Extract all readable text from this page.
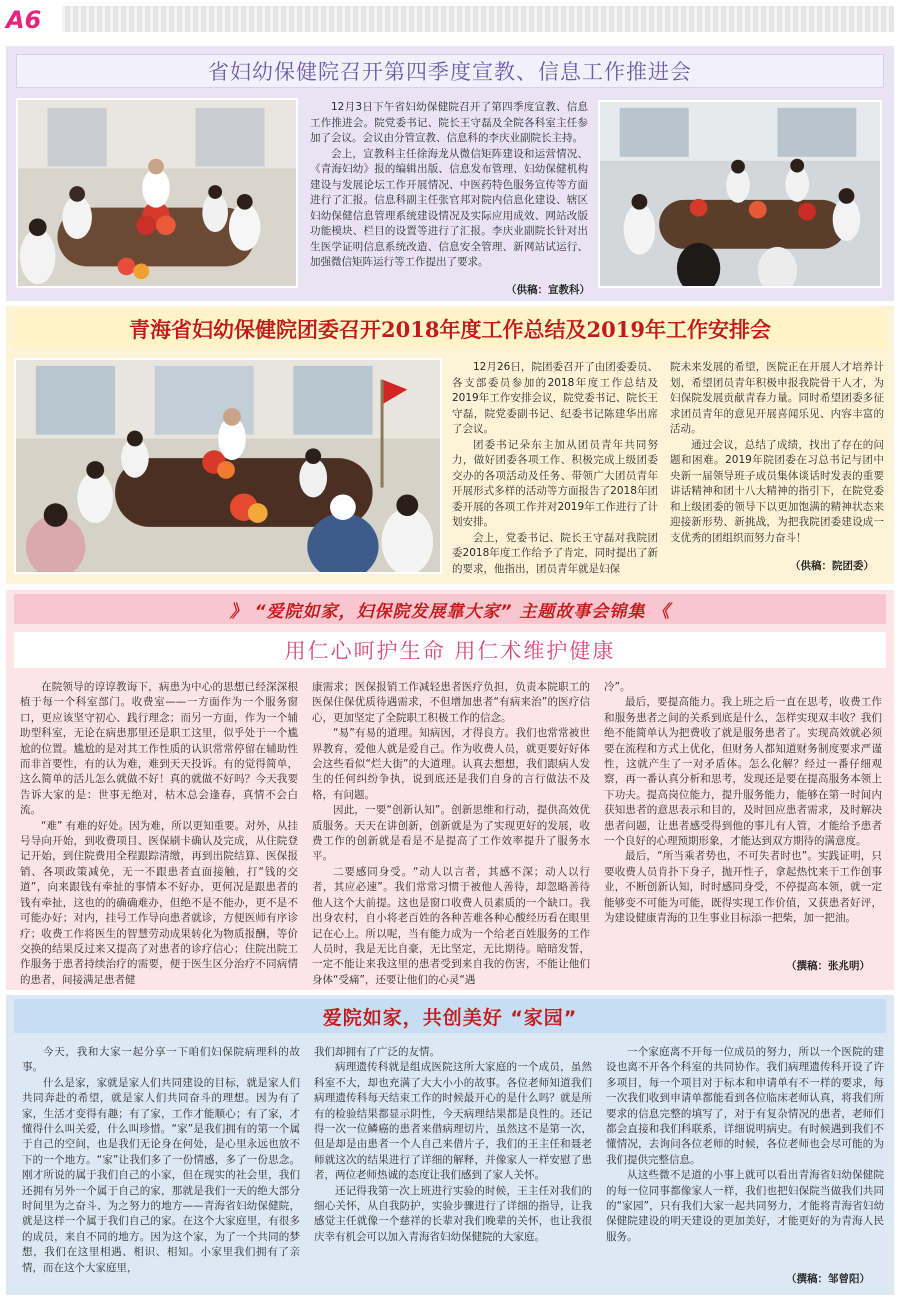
A6
省妇幼保健院召开第四季度宣教、信息工作推进会

12月3日下午省妇幼保健院召开了第四季度宣教、信息工作推进会。院党委书记、院长王守磊及全院各科室主任参加了会议。会议由分管宣教、信息科的李庆业副院长主持。

会上，宣教科主任徐海龙从微信矩阵建设和运营情况、《青海妇幼》报的编辑出版、信息发布管理、妇幼保健机构建设与发展论坛工作开展情况、中医药特色服务宣传等方面进行了汇报。信息科副主任张官邦对院内信息化建设、辖区妇幼保健信息管理系统建设情况及实际应用成效、网站改版功能模块、栏目的设置等进行了汇报。李庆业副院长针对出生医学证明信息系统改造、信息安全管理、新网站试运行、加强微信矩阵运行等工作提出了要求。

（供稿：宣教科）
青海省妇幼保健院团委召开2018年度工作总结及2019年工作安排会

12月26日，院团委召开了由团委委员、各支部委员参加的2018年度工作总结及2019年工作安排会议，院党委书记、院长王守磊，院党委副书记、纪委书记陈建华出席了会议。

团委书记朵东主加从团员青年共同努力，做好团委各项工作、积极完成上级团委交办的各项活动及任务、带领广大团员青年开展形式多样的活动等方面报告了2018年团委开展的各项工作并对2019年工作进行了计划安排。

会上，党委书记、院长王守磊对我院团委2018年度工作给予了肯定，同时提出了新的要求，他指出，团员青年就是妇保

院未来发展的希望，医院正在开展人才培养计划，希望团员青年积极申报我院骨干人才，为妇保院发展贡献青春力量。同时希望团委多征求团员青年的意见开展喜闻乐见、内容丰富的活动。

通过会议，总结了成绩，找出了存在的问题和困难。2019年院团委在习总书记与团中央新一届领导班子成员集体谈话时发表的重要讲话精神和团十八大精神的指引下，在院党委和上级团委的领导下以更加饱满的精神状态来迎接新形势、新挑战，为把我院团委建设成一支优秀的团组织而努力奋斗！

（供稿：院团委）
》 “爱院如家，妇保院发展靠大家” 主题故事会锦集 《
用仁心呵护生命 用仁术维护健康

在院领导的谆谆教诲下，病患为中心的思想已经深深根植于每一个科室部门。收费室——一方面作为一个服务窗口，更应该坚守初心、践行理念；而另一方面，作为一个辅助型科室，无论在病患那里还是职工这里，似乎处于一个尴尬的位置。尴尬的是对其工作性质的认识常常停留在辅助性而非首要性，有的认为难，难到天天投诉。有的觉得简单，这么简单的活儿怎么就做不好！真的就做不好吗？今天我要告诉大家的是：世事无绝对，枯木总会逢春，真情不会白流。

“难” 有难的好处。因为难，所以更知重要。对外，从挂号导向开始，到收费项目、医保刷卡确认及完成，从住院登记开始，到住院费用全程跟踪清缴，再到出院结算、医保报销、各项政策减免，无一不跟患者直面接触，打“钱的交道”，向来跟钱有牵扯的事情本不好办，更何况是跟患者的钱有牵扯，这也的的确确难办，但绝不是不能办，更不是不可能办好；对内，挂号工作导向患者就诊，方便医师有序诊疗；收费工作将医生的智慧劳动成果转化为物质报酬，等价交换的结果反过来又提高了对患者的诊疗信心；住院出院工作服务于患者持续治疗的需要，便于医生区分治疗不同病情的患者，间接满足患者健

康需求；医保报销工作减轻患者医疗负担，负责本院职工的医保住保优质待遇需求，不但增加患者“有病来治”的医疗信心，更加坚定了全院职工积极工作的信念。

“易”有易的道理。知病因，才得良方。我们也常常被世界教育，爱他人就是爱自己。作为收费人员，就更要好好体会这些看似“烂大街”的大道理。认真去想想，我们跟病人发生的任何纠纷争执，说到底还是我们自身的言行做法不及格，有问题。

因此，一要“创新认知”。创新思维和行动，提供高效优质服务。天天在讲创新，创新就是为了实现更好的发展，收费工作的创新就是看是不是提高了工作效率提升了服务水平。

二要感同身受。“动人以言者，其感不深；动人以行者，其应必速”。我们常常习惯于被他人善待，却忽略善待他人这个大前提。这也是窗口收费人员素质的一个缺口。我出身农村，自小将老百姓的各种苦难各种心酸经历看在眼里记在心上。所以呢，当有能力成为一个给老百姓服务的工作人员时，我是无比自豪，无比坚定，无比期待。暗暗发誓，一定不能让来我这里的患者受到来自我的伤害，不能让他们身体“受痛”，还要让他们的心灵“遇

冷”。

最后，要提高能力。我上班之后一直在思考，收费工作和服务患者之间的关系到底是什么，怎样实现双丰收？我们绝不能简单认为把费收了就是服务患者了。实现高效就必须要在流程和方式上优化，但财务人都知道财务制度要求严谨性，这就产生了一对矛盾体。怎么化解？经过一番仔细观察，再一番认真分析和思考，发现还是要在提高服务本领上下功夫。提高岗位能力，提升服务能力，能够在第一时间内获知患者的意思表示和目的，及时回应患者需求，及时解决患者问题，让患者感受得到他的事儿有人管，才能给予患者一个良好的心理预期形象，才能达到双方期待的满意度。

最后，“所当乘者势也，不可失者时也”。实践证明，只要收费人员肯扑下身子，抛开性子，拿起热忱来干工作创事业，不断创新认知，时时感同身受，不停提高本领，就一定能够变不可能为可能，既得实现工作价值，又获患者好评，为建设健康青海的卫生事业目标添一把柴，加一把油。

（撰稿：张兆明）
爱院如家，共创美好 “家园”

今天，我和大家一起分享一下咱们妇保院病理科的故事。

什么是家，家就是家人们共同建设的目标，就是家人们共同奔赴的希望，就是家人们共同奋斗的理想。因为有了家，生活才变得有趣；有了家，工作才能顺心；有了家，才懂得什么叫关爱，什么叫珍惜。“家”是我们拥有的第一个属于自己的空间，也是我们无论身在何处，是心里永远也放不下的一个地方。“家”让我们多了一份情感，多了一份思念。刚才所说的属于我们自己的小家，但在现实的社会里，我们还拥有另外一个属于自己的家，那就是我们一天的绝大部分时间里为之奋斗、为之努力的地方——青海省妇幼保健院，就是这样一个属于我们自己的家。在这个大家庭里，有很多的成员，来自不同的地方。因为这个家，为了一个共同的梦想，我们在这里相遇、相识、相知。小家里我们拥有了亲情，而在这个大家庭里，

我们却拥有了广泛的友情。

病理遗传科就是组成医院这所大家庭的一个成员，虽然科室不大，却也充满了大大小小的故事。各位老师知道我们病理遗传科每天结束工作的时候最开心的是什么吗？就是所有的检验结果都显示阴性，今天病理结果都是良性的。还记得一次一位鳞癌的患者来借病理切片，虽然这不是第一次，但是却是由患者一个人自己来借片子，我们的王主任和聂老师就这次的结果进行了详细的解释，并像家人一样安慰了患者，两位老师热诚的态度让我们感到了家人关怀。

还记得我第一次上班进行实验的时候，王主任对我们的细心关怀，从自我防护，实验步骤进行了详细的指导，让我感觉主任就像一个慈祥的长辈对我们晚辈的关怀，也让我很庆幸有机会可以加入青海省妇幼保健院的大家庭。

一个家庭离不开每一位成员的努力，所以一个医院的建设也离不开各个科室的共同协作。我们病理遗传科开设了许多项目，每一个项目对于标本和申请单有不一样的要求，每一次我们收到申请单都能看到各位临床老师认真，将我们所要求的信息完整的填写了，对于有复杂情况的患者，老师们都会直接和我们科联系，详细说明病史。有时候遇到我们不懂情况，去询问各位老师的时候，各位老师也会尽可能的为我们提供完整信息。

从这些微不足道的小事上就可以看出青海省妇幼保健院的每一位同事都像家人一样，我们也把妇保院当做我们共同的“家园”，只有我们大家一起共同努力，才能将青海省妇幼保健院建设的明天建设的更加美好，才能更好的为青海人民服务。

（撰稿：邹曾阳）
